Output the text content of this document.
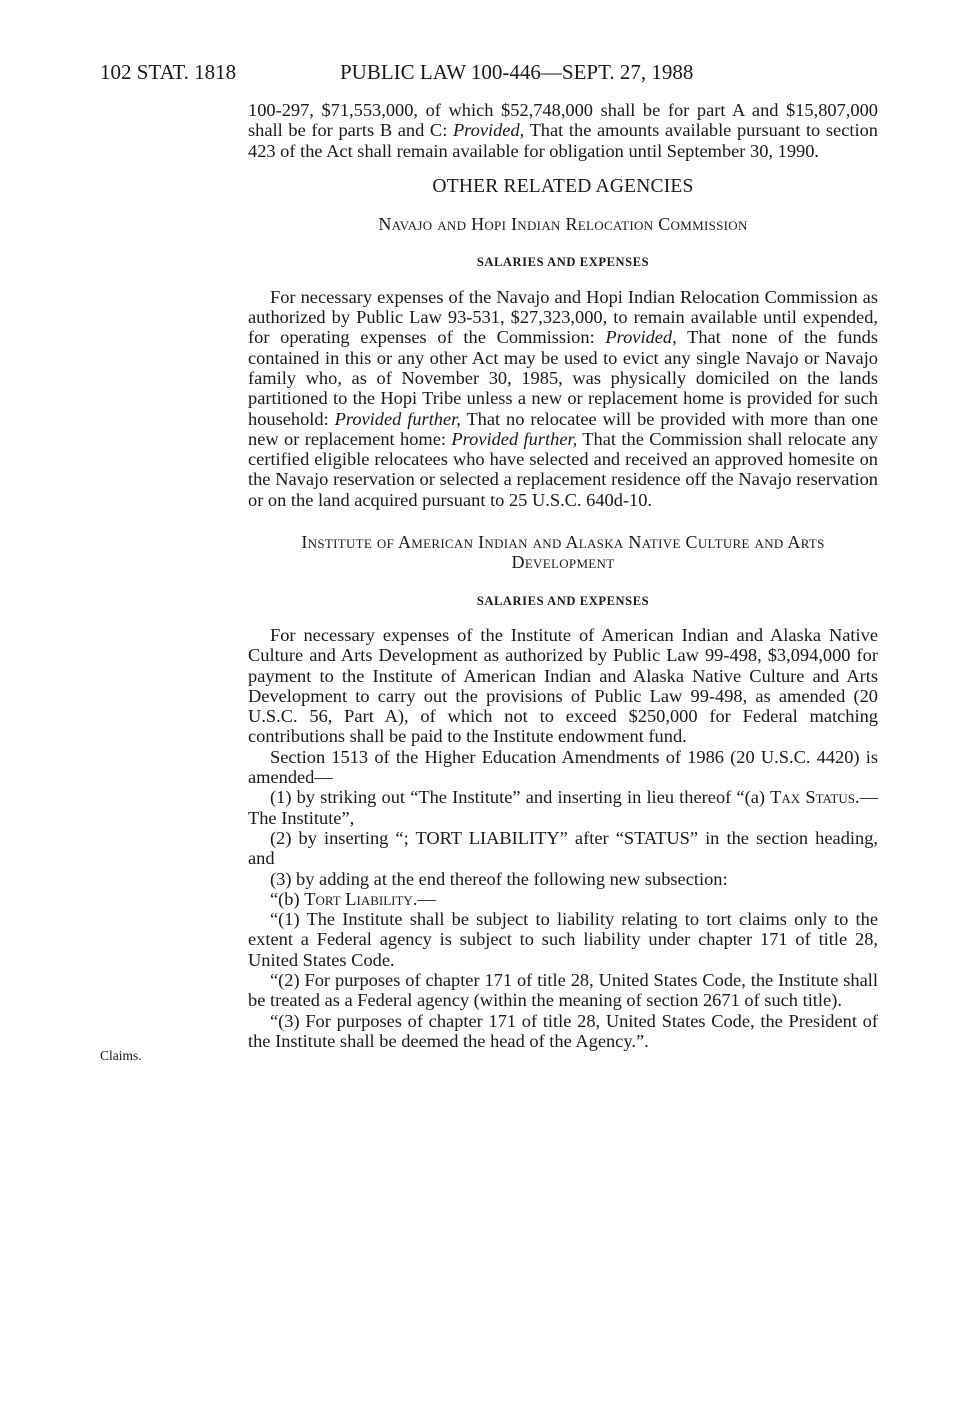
102 STAT. 1818	PUBLIC LAW 100-446—SEPT. 27, 1988
Claims.

100-297, $71,553,000, of which $52,748,000 shall be for part A and $15,807,000 shall be for parts B and C: Provided, That the amounts available pursuant to section 423 of the Act shall remain available for obligation until September 30, 1990.

OTHER RELATED AGENCIES
Navajo and Hopi Indian Relocation Commission
SALARIES AND EXPENSES

For necessary expenses of the Navajo and Hopi Indian Relocation Commission as authorized by Public Law 93-531, $27,323,000, to remain available until expended, for operating expenses of the Commission: Provided, That none of the funds contained in this or any other Act may be used to evict any single Navajo or Navajo family who, as of November 30, 1985, was physically domiciled on the lands partitioned to the Hopi Tribe unless a new or replacement home is provided for such household: Provided further, That no relocatee will be provided with more than one new or replacement home: Provided further, That the Commission shall relocate any certified eligible relocatees who have selected and received an approved homesite on the Navajo reservation or selected a replacement residence off the Navajo reservation or on the land acquired pursuant to 25 U.S.C. 640d-10.

Institute of American Indian and Alaska Native Culture and Arts Development
SALARIES AND EXPENSES

For necessary expenses of the Institute of American Indian and Alaska Native Culture and Arts Development as authorized by Public Law 99-498, $3,094,000 for payment to the Institute of American Indian and Alaska Native Culture and Arts Development to carry out the provisions of Public Law 99-498, as amended (20 U.S.C. 56, Part A), of which not to exceed $250,000 for Federal matching contributions shall be paid to the Institute endowment fund.

Section 1513 of the Higher Education Amendments of 1986 (20 U.S.C. 4420) is amended—

(1) by striking out “The Institute” and inserting in lieu thereof “(a) Tax Status.—The Institute”,

(2) by inserting “; TORT LIABILITY” after “STATUS” in the section heading, and

(3) by adding at the end thereof the following new subsection:

“(b) Tort Liability.—

“(1) The Institute shall be subject to liability relating to tort claims only to the extent a Federal agency is subject to such liability under chapter 171 of title 28, United States Code.

“(2) For purposes of chapter 171 of title 28, United States Code, the Institute shall be treated as a Federal agency (within the meaning of section 2671 of such title).

“(3) For purposes of chapter 171 of title 28, United States Code, the President of the Institute shall be deemed the head of the Agency.”.
